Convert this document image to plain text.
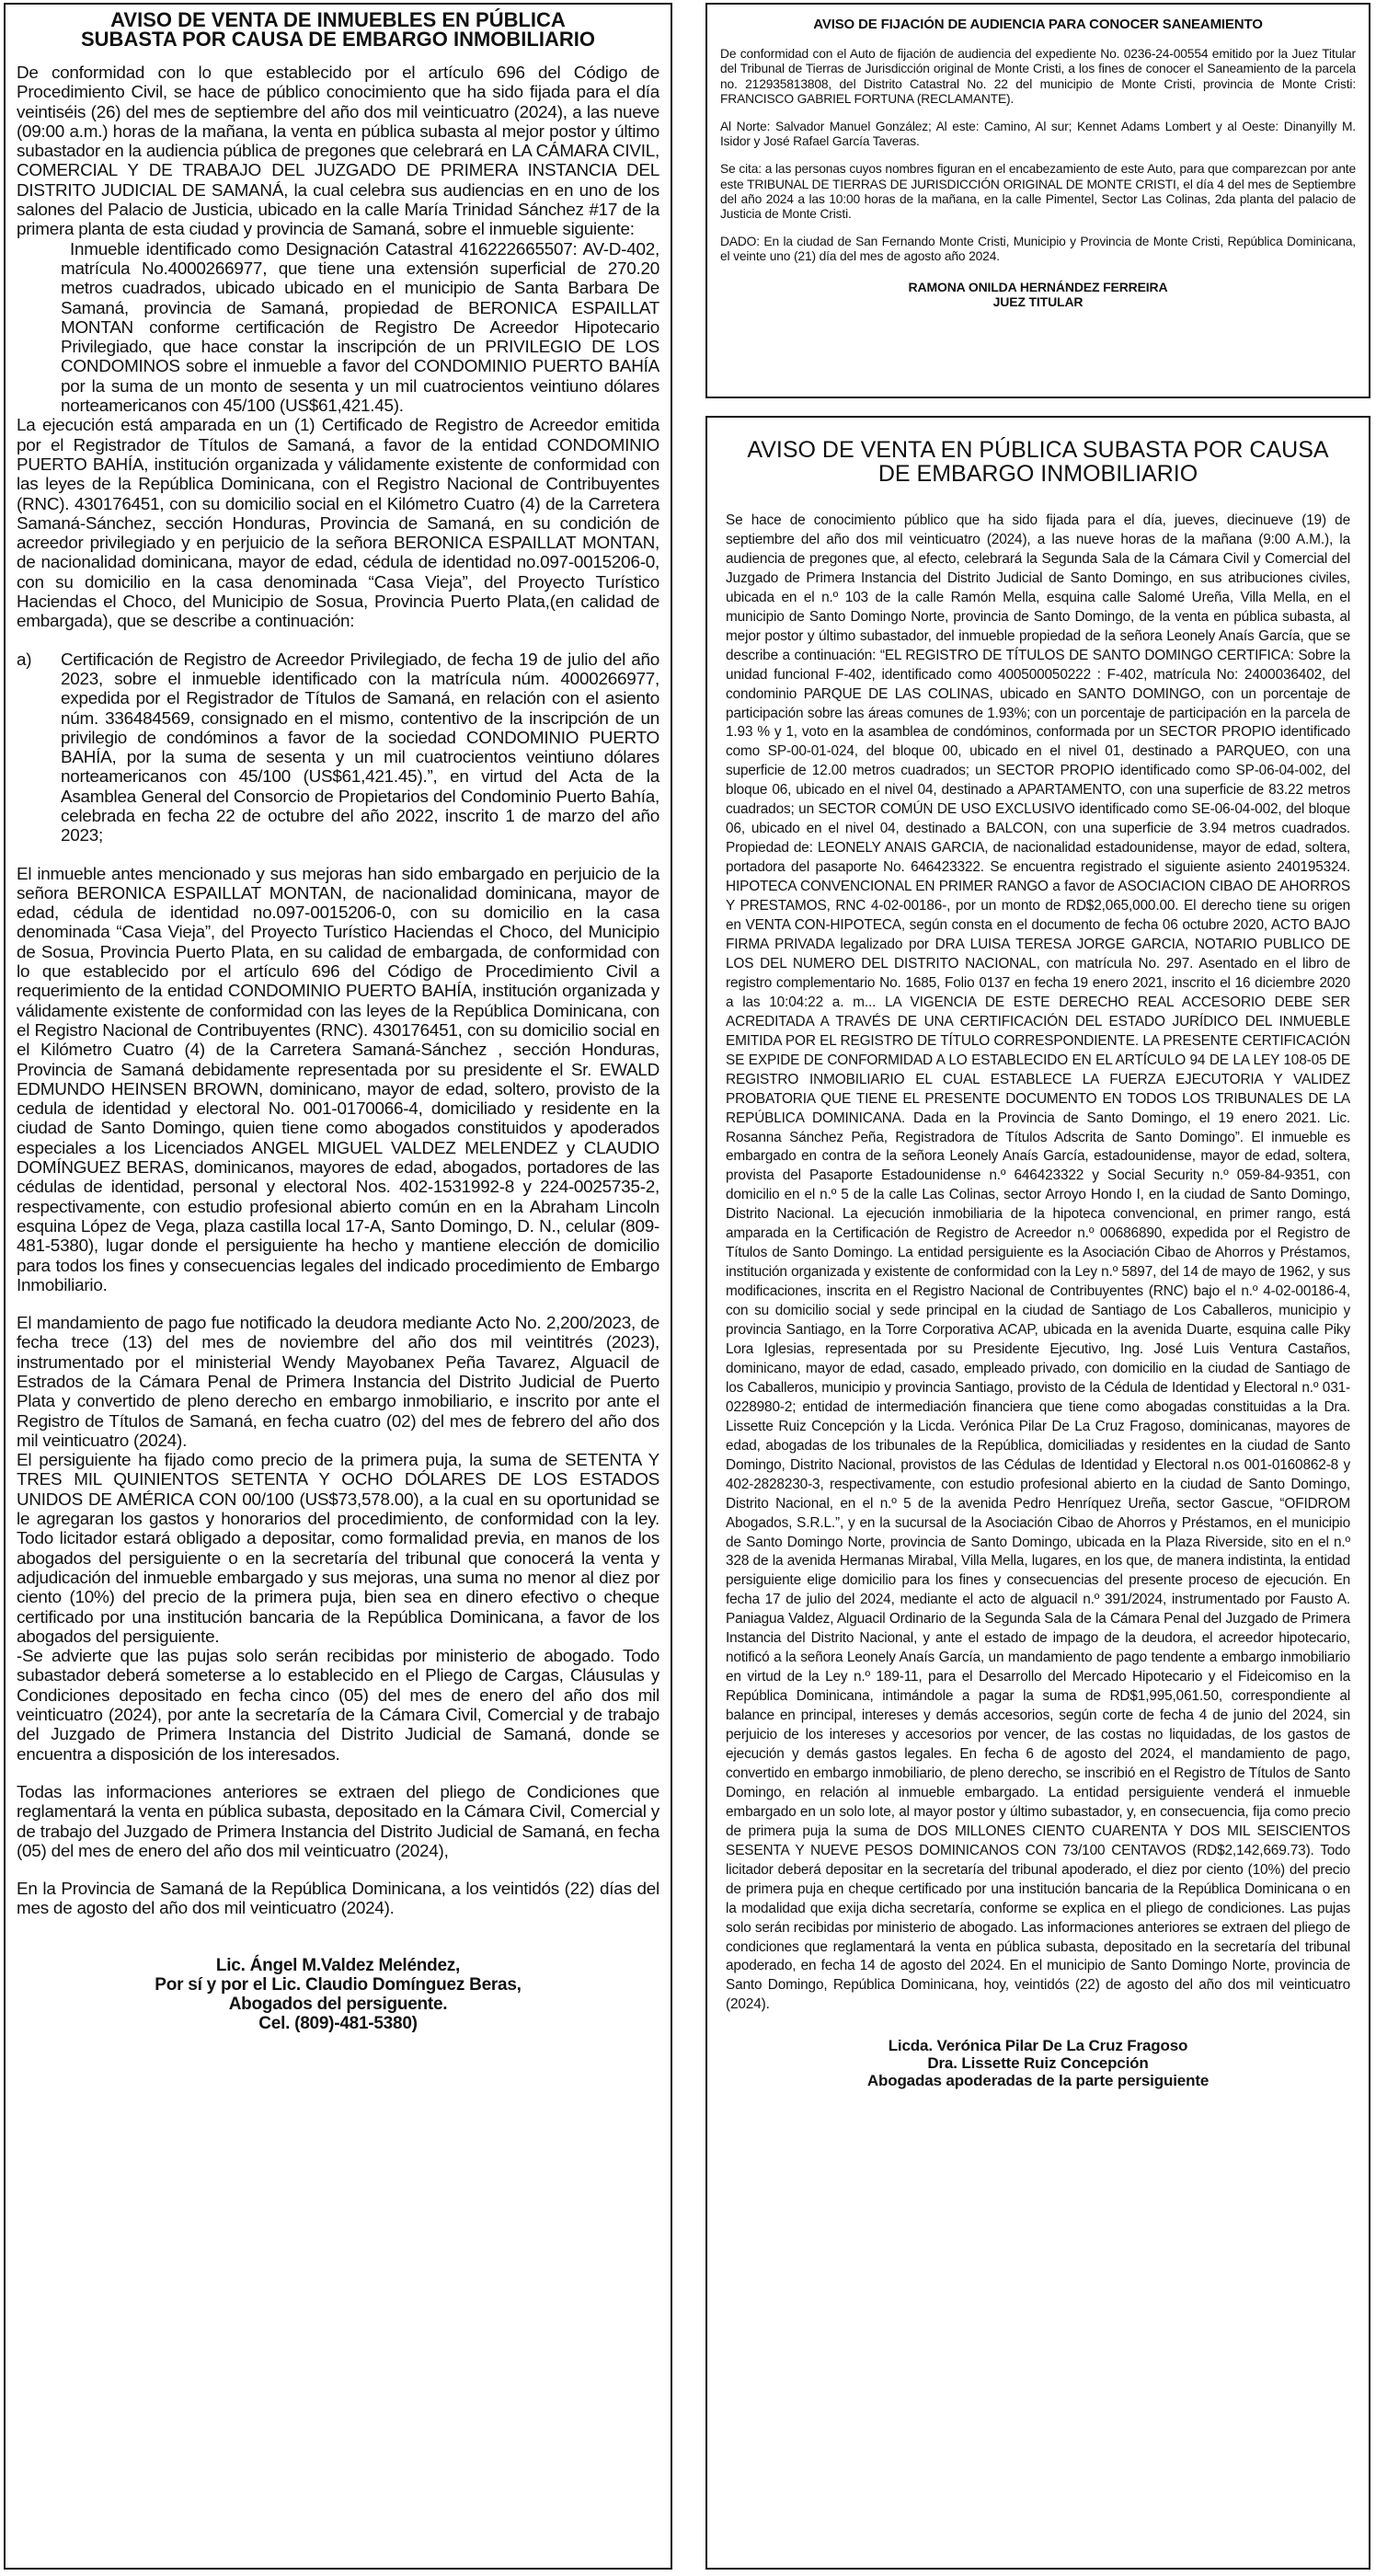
AVISO DE VENTA DE INMUEBLES EN PÚBLICA
SUBASTA POR CAUSA DE EMBARGO INMOBILIARIO

De conformidad con lo que establecido por el artículo 696 del Código de Procedimiento Civil, se hace de público conocimiento que ha sido fijada para el día veintiséis (26) del mes de septiembre del año dos mil veinticuatro (2024), a las nueve (09:00 a.m.) horas de la mañana, la venta en pública subasta al mejor postor y último subastador en la audiencia pública de pregones que celebrará en LA CÁMARA CIVIL, COMERCIAL Y DE TRABAJO DEL JUZGADO DE PRIMERA INSTANCIA DEL DISTRITO JUDICIAL DE SAMANÁ, la cual celebra sus audiencias en en uno de los salones del Palacio de Justicia, ubicado en la calle María Trinidad Sánchez #17 de la primera planta de esta ciudad y provincia de Samaná, sobre el inmueble siguiente:

Inmueble identificado como Designación Catastral 416222665507: AV-D-402, matrícula No.4000266977, que tiene una extensión superficial de 270.20 metros cuadrados, ubicado ubicado en el municipio de Santa Barbara De Samaná, provincia de Samaná, propiedad de BERONICA ESPAILLAT MONTAN conforme certificación de Registro De Acreedor Hipotecario Privilegiado, que hace constar la inscripción de un PRIVILEGIO DE LOS CONDOMINOS sobre el inmueble a favor del CONDOMINIO PUERTO BAHÍA por la suma de un monto de sesenta y un mil cuatrocientos veintiuno dólares norteamericanos con 45/100 (US$61,421.45).

La ejecución está amparada en un (1) Certificado de Registro de Acreedor emitida por el Registrador de Títulos de Samaná, a favor de la entidad CONDOMINIO PUERTO BAHÍA, institución organizada y válidamente existente de conformidad con las leyes de la República Dominicana, con el Registro Nacional de Contribuyentes (RNC). 430176451, con su domicilio social en el Kilómetro Cuatro (4) de la Carretera Samaná-Sánchez, sección Honduras, Provincia de Samaná, en su condición de acreedor privilegiado y en perjuicio de la señora BERONICA ESPAILLAT MONTAN, de nacionalidad dominicana, mayor de edad, cédula de identidad no.097-0015206-0, con su domicilio en la casa denominada “Casa Vieja”, del Proyecto Turístico Haciendas el Choco, del Municipio de Sosua, Provincia Puerto Plata,(en calidad de embargada), que se describe a continuación:

a)	Certificación de Registro de Acreedor Privilegiado, de fecha 19 de julio del año 2023, sobre el inmueble identificado con la matrícula núm. 4000266977, expedida por el Registrador de Títulos de Samaná, en relación con el asiento núm. 336484569, consignado en el mismo, contentivo de la inscripción de un privilegio de condóminos a favor de la sociedad CONDOMINIO PUERTO BAHÍA, por la suma de sesenta y un mil cuatrocientos veintiuno dólares norteamericanos con 45/100 (US$61,421.45).”, en virtud del Acta de la Asamblea General del Consorcio de Propietarios del Condominio Puerto Bahía, celebrada en fecha 22 de octubre del año 2022, inscrito 1 de marzo del año 2023;

El inmueble antes mencionado y sus mejoras han sido embargado en perjuicio de la señora BERONICA ESPAILLAT MONTAN, de nacionalidad dominicana, mayor de edad, cédula de identidad no.097-0015206-0, con su domicilio en la casa denominada “Casa Vieja”, del Proyecto Turístico Haciendas el Choco, del Municipio de Sosua, Provincia Puerto Plata, en su calidad de embargada, de conformidad con lo que establecido por el artículo 696 del Código de Procedimiento Civil a requerimiento de la entidad CONDOMINIO PUERTO BAHÍA, institución organizada y válidamente existente de conformidad con las leyes de la República Dominicana, con el Registro Nacional de Contribuyentes (RNC). 430176451, con su domicilio social en el Kilómetro Cuatro (4) de la Carretera Samaná-Sánchez , sección Honduras, Provincia de Samaná debidamente representada por su presidente el Sr. EWALD EDMUNDO HEINSEN BROWN, dominicano, mayor de edad, soltero, provisto de la cedula de identidad y electoral No. 001-0170066-4, domiciliado y residente en la ciudad de Santo Domingo, quien tiene como abogados constituidos y apoderados especiales a los Licenciados ANGEL MIGUEL VALDEZ MELENDEZ y CLAUDIO DOMÍNGUEZ BERAS, dominicanos, mayores de edad, abogados, portadores de las cédulas de identidad, personal y electoral Nos. 402-1531992-8 y 224-0025735-2, respectivamente, con estudio profesional abierto común en en la Abraham Lincoln esquina López de Vega, plaza castilla local 17-A, Santo Domingo, D. N., celular (809-481-5380), lugar donde el persiguiente ha hecho y mantiene elección de domicilio para todos los fines y consecuencias legales del indicado procedimiento de Embargo Inmobiliario.

El mandamiento de pago fue notificado la deudora mediante Acto No. 2,200/2023, de fecha trece (13) del mes de noviembre del año dos mil veintitrés (2023), instrumentado por el ministerial Wendy Mayobanex Peña Tavarez, Alguacil de Estrados de la Cámara Penal de Primera Instancia del Distrito Judicial de Puerto Plata y convertido de pleno derecho en embargo inmobiliario, e inscrito por ante el Registro de Títulos de Samaná, en fecha cuatro (02) del mes de febrero del año dos mil veinticuatro (2024).

El persiguiente ha fijado como precio de la primera puja, la suma de SETENTA Y TRES MIL QUINIENTOS SETENTA Y OCHO DÓLARES DE LOS ESTADOS UNIDOS DE AMÉRICA CON 00/100 (US$73,578.00), a la cual en su oportunidad se le agregaran los gastos y honorarios del procedimiento, de conformidad con la ley. Todo licitador estará obligado a depositar, como formalidad previa, en manos de los abogados del persiguiente o en la secretaría del tribunal que conocerá la venta y adjudicación del inmueble embargado y sus mejoras, una suma no menor al diez por ciento (10%) del precio de la primera puja, bien sea en dinero efectivo o cheque certificado por una institución bancaria de la República Dominicana, a favor de los abogados del persiguiente.

-Se advierte que las pujas solo serán recibidas por ministerio de abogado. Todo subastador deberá someterse a lo establecido en el Pliego de Cargas, Cláusulas y Condiciones depositado en fecha cinco (05) del mes de enero del año dos mil veinticuatro (2024), por ante la secretaría de la Cámara Civil, Comercial y de trabajo del Juzgado de Primera Instancia del Distrito Judicial de Samaná, donde se encuentra a disposición de los interesados.

Todas las informaciones anteriores se extraen del pliego de Condiciones que reglamentará la venta en pública subasta, depositado en la Cámara Civil, Comercial y de trabajo del Juzgado de Primera Instancia del Distrito Judicial de Samaná, en fecha (05) del mes de enero del año dos mil veinticuatro (2024),

En la Provincia de Samaná de la República Dominicana, a los veintidós (22) días del mes de agosto del año dos mil veinticuatro (2024).

Lic. Ángel M.Valdez Meléndez,
Por sí y por el Lic. Claudio Domínguez Beras,
Abogados del persiguente.
Cel. (809)-481-5380)

AVISO DE FIJACIÓN DE AUDIENCIA PARA CONOCER SANEAMIENTO

De conformidad con el Auto de fijación de audiencia del expediente No. 0236-24-00554 emitido por la Juez Titular del Tribunal de Tierras de Jurisdicción original de Monte Cristi, a los fines de conocer el Saneamiento de la parcela no. 212935813808, del Distrito Catastral No. 22 del municipio de Monte Cristi, provincia de Monte Cristi: FRANCISCO GABRIEL FORTUNA (RECLAMANTE).

Al Norte: Salvador Manuel González; Al este: Camino, Al sur; Kennet Adams Lombert y al Oeste: Dinanyilly M. Isidor y José Rafael García Taveras.

Se cita: a las personas cuyos nombres figuran en el encabezamiento de este Auto, para que comparezcan por ante este TRIBUNAL DE TIERRAS DE JURISDICCIÓN ORIGINAL DE MONTE CRISTI, el día 4 del mes de Septiembre del año 2024 a las 10:00 horas de la mañana, en la calle Pimentel, Sector Las Colinas, 2da planta del palacio de Justicia de Monte Cristi.

DADO: En la ciudad de San Fernando Monte Cristi, Municipio y Provincia de Monte Cristi, República Dominicana, el veinte uno (21) día del mes de agosto año 2024.

RAMONA ONILDA HERNÁNDEZ FERREIRA
JUEZ TITULAR

AVISO DE VENTA EN PÚBLICA SUBASTA POR CAUSA
DE EMBARGO INMOBILIARIO

Se hace de conocimiento público que ha sido fijada para el día, jueves, diecinueve (19) de septiembre del año dos mil veinticuatro (2024), a las nueve horas de la mañana (9:00 A.M.), la audiencia de pregones que, al efecto, celebrará la Segunda Sala de la Cámara Civil y Comercial del Juzgado de Primera Instancia del Distrito Judicial de Santo Domingo, en sus atribuciones civiles, ubicada en el n.º 103 de la calle Ramón Mella, esquina calle Salomé Ureña, Villa Mella, en el municipio de Santo Domingo Norte, provincia de Santo Domingo, de la venta en pública subasta, al mejor postor y último subastador, del inmueble propiedad de la señora Leonely Anaís García, que se describe a continuación: “EL REGISTRO DE TÍTULOS DE SANTO DOMINGO CERTIFICA: Sobre la unidad funcional F-402, identificado como 400500050222 : F-402, matrícula No: 2400036402, del condominio PARQUE DE LAS COLINAS, ubicado en SANTO DOMINGO, con un porcentaje de participación sobre las áreas comunes de 1.93%; con un porcentaje de participación en la parcela de 1.93 % y 1, voto en la asamblea de condóminos, conformada por un SECTOR PROPIO identificado como SP-00-01-024, del bloque 00, ubicado en el nivel 01, destinado a PARQUEO, con una superficie de 12.00 metros cuadrados; un SECTOR PROPIO identificado como SP-06-04-002, del bloque 06, ubicado en el nivel 04, destinado a APARTAMENTO, con una superficie de 83.22 metros cuadrados; un SECTOR COMÚN DE USO EXCLUSIVO identificado como SE-06-04-002, del bloque 06, ubicado en el nivel 04, destinado a BALCON, con una superficie de 3.94 metros cuadrados. Propiedad de: LEONELY ANAIS GARCIA, de nacionalidad estadounidense, mayor de edad, soltera, portadora del pasaporte No. 646423322. Se encuentra registrado el siguiente asiento 240195324. HIPOTECA CONVENCIONAL EN PRIMER RANGO a favor de ASOCIACION CIBAO DE AHORROS Y PRESTAMOS, RNC 4-02-00186-, por un monto de RD$2,065,000.00. El derecho tiene su origen en VENTA CON-HIPOTECA, según consta en el documento de fecha 06 octubre 2020, ACTO BAJO FIRMA PRIVADA legalizado por DRA LUISA TERESA JORGE GARCIA, NOTARIO PUBLICO DE LOS DEL NUMERO DEL DISTRITO NACIONAL, con matrícula No. 297. Asentado en el libro de registro complementario No. 1685, Folio 0137 en fecha 19 enero 2021, inscrito el 16 diciembre 2020 a las 10:04:22 a. m... LA VIGENCIA DE ESTE DERECHO REAL ACCESORIO DEBE SER ACREDITADA A TRAVÉS DE UNA CERTIFICACIÓN DEL ESTADO JURÍDICO DEL INMUEBLE EMITIDA POR EL REGISTRO DE TÍTULO CORRESPONDIENTE. LA PRESENTE CERTIFICACIÓN SE EXPIDE DE CONFORMIDAD A LO ESTABLECIDO EN EL ARTÍCULO 94 DE LA LEY 108-05 DE REGISTRO INMOBILIARIO EL CUAL ESTABLECE LA FUERZA EJECUTORIA Y VALIDEZ PROBATORIA QUE TIENE EL PRESENTE DOCUMENTO EN TODOS LOS TRIBUNALES DE LA REPÚBLICA DOMINICANA. Dada en la Provincia de Santo Domingo, el 19 enero 2021. Lic. Rosanna Sánchez Peña, Registradora de Títulos Adscrita de Santo Domingo”. El inmueble es embargado en contra de la señora Leonely Anaís García, estadounidense, mayor de edad, soltera, provista del Pasaporte Estadounidense n.º 646423322 y Social Security n.º 059-84-9351, con domicilio en el n.º 5 de la calle Las Colinas, sector Arroyo Hondo I, en la ciudad de Santo Domingo, Distrito Nacional. La ejecución inmobiliaria de la hipoteca convencional, en primer rango, está amparada en la Certificación de Registro de Acreedor n.º 00686890, expedida por el Registro de Títulos de Santo Domingo. La entidad persiguiente es la Asociación Cibao de Ahorros y Préstamos, institución organizada y existente de conformidad con la Ley n.º 5897, del 14 de mayo de 1962, y sus modificaciones, inscrita en el Registro Nacional de Contribuyentes (RNC) bajo el n.º 4-02-00186-4, con su domicilio social y sede principal en la ciudad de Santiago de Los Caballeros, municipio y provincia Santiago, en la Torre Corporativa ACAP, ubicada en la avenida Duarte, esquina calle Piky Lora Iglesias, representada por su Presidente Ejecutivo, Ing. José Luis Ventura Castaños, dominicano, mayor de edad, casado, empleado privado, con domicilio en la ciudad de Santiago de los Caballeros, municipio y provincia Santiago, provisto de la Cédula de Identidad y Electoral n.º 031-0228980-2; entidad de intermediación financiera que tiene como abogadas constituidas a la Dra. Lissette Ruiz Concepción y la Licda. Verónica Pilar De La Cruz Fragoso, dominicanas, mayores de edad, abogadas de los tribunales de la República, domiciliadas y residentes en la ciudad de Santo Domingo, Distrito Nacional, provistos de las Cédulas de Identidad y Electoral n.os 001-0160862-8 y 402-2828230-3, respectivamente, con estudio profesional abierto en la ciudad de Santo Domingo, Distrito Nacional, en el n.º 5 de la avenida Pedro Henríquez Ureña, sector Gascue, “OFIDROM Abogados, S.R.L.”, y en la sucursal de la Asociación Cibao de Ahorros y Préstamos, en el municipio de Santo Domingo Norte, provincia de Santo Domingo, ubicada en la Plaza Riverside, sito en el n.º 328 de la avenida Hermanas Mirabal, Villa Mella, lugares, en los que, de manera indistinta, la entidad persiguiente elige domicilio para los fines y consecuencias del presente proceso de ejecución. En fecha 17 de julio del 2024, mediante el acto de alguacil n.º 391/2024, instrumentado por Fausto A. Paniagua Valdez, Alguacil Ordinario de la Segunda Sala de la Cámara Penal del Juzgado de Primera Instancia del Distrito Nacional, y ante el estado de impago de la deudora, el acreedor hipotecario, notificó a la señora Leonely Anaís García, un mandamiento de pago tendente a embargo inmobiliario en virtud de la Ley n.º 189-11, para el Desarrollo del Mercado Hipotecario y el Fideicomiso en la República Dominicana, intimándole a pagar la suma de RD$1,995,061.50, correspondiente al balance en principal, intereses y demás accesorios, según corte de fecha 4 de junio del 2024, sin perjuicio de los intereses y accesorios por vencer, de las costas no liquidadas, de los gastos de ejecución y demás gastos legales. En fecha 6 de agosto del 2024, el mandamiento de pago, convertido en embargo inmobiliario, de pleno derecho, se inscribió en el Registro de Títulos de Santo Domingo, en relación al inmueble embargado. La entidad persiguiente venderá el inmueble embargado en un solo lote, al mayor postor y último subastador, y, en consecuencia, fija como precio de primera puja la suma de DOS MILLONES CIENTO CUARENTA Y DOS MIL SEISCIENTOS SESENTA Y NUEVE PESOS DOMINICANOS CON 73/100 CENTAVOS (RD$2,142,669.73). Todo licitador deberá depositar en la secretaría del tribunal apoderado, el diez por ciento (10%) del precio de primera puja en cheque certificado por una institución bancaria de la República Dominicana o en la modalidad que exija dicha secretaría, conforme se explica en el pliego de condiciones. Las pujas solo serán recibidas por ministerio de abogado. Las informaciones anteriores se extraen del pliego de condiciones que reglamentará la venta en pública subasta, depositado en la secretaría del tribunal apoderado, en fecha 14 de agosto del 2024. En el municipio de Santo Domingo Norte, provincia de Santo Domingo, República Dominicana, hoy, veintidós (22) de agosto del año dos mil veinticuatro (2024).

Licda. Verónica Pilar De La Cruz Fragoso
Dra. Lissette Ruiz Concepción
Abogadas apoderadas de la parte persiguiente
